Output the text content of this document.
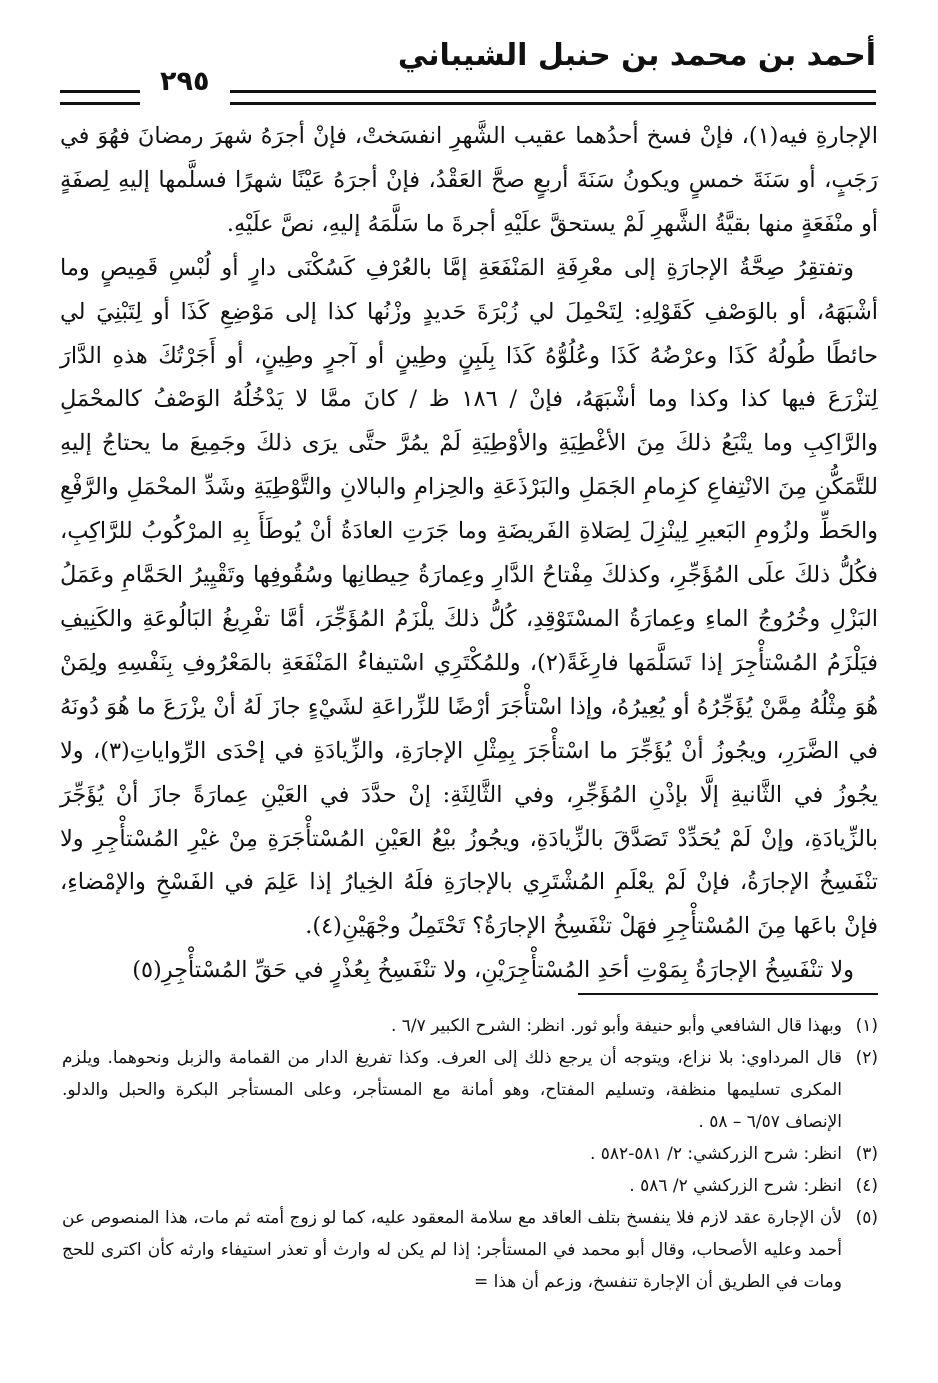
أحمد بن محمد بن حنبل الشيباني
٢٩٥

الإجارةِ فيه(١)، فإنْ فسخ أحدُهما عقيب الشَّهرِ انفسَختْ، فإنْ أجرَهُ شهرَ رمضانَ فهُوَ في رَجَبٍ، أو سَنَةَ خمسٍ ويكونُ سَنَةَ أربعٍ صحَّ العَقْدُ، فإنْ أجرَهُ عَيْنًا شهرًا فسلَّمها إليهِ لِصفَةٍ أو منْفَعَةٍ منها بقيَّةُ الشَّهرِ لَمْ يستحقَّ علَيْهِ أجرةَ ما سَلَّمَهُ إليهِ، نصَّ علَيْهِ.

وتفتقِرُ صِحَّةُ الإجارَةِ إلى معْرِفَةِ المَنْفَعَةِ إمَّا بالعُرْفِ كَسُكْنَى دارٍ أو لُبْسِ قَمِيصٍ وما أشْبَهَهُ، أو بالوَصْفِ كَقَوْلِهِ: لِتَحْمِلَ لي زُبْرَةَ حَديدٍ وزْنُها كذا إلى مَوْضِعِ كَذَا أو لِتَبْنِيَ لي حائطًا طُولُهُ كَذَا وعرْضُهُ كَذَا وعُلُوُّهُ كَذَا بِلَبِنٍ وطِينٍ أو آجرٍ وطِينٍ، أو أَجَرْتُكَ هذهِ الدَّارَ لِتزْرَعَ فيها كذا وكذا وما أشْبَهَهُ، فإنْ / ١٨٦ ظ / كانَ ممَّا لا يَدْخُلُهُ الوَصْفُ كالمحْمَلِ والرَّاكِبِ وما يتْبَعُ ذلكَ مِنَ الأغْطِيَةِ والأوْطِيَةِ لَمْ يمُرَّ حتَّى يرَى ذلكَ وجَمِيعَ ما يحتاجُ إليهِ للتَّمَكُّنِ مِنَ الانْتِفاعِ كزِمامِ الجَمَلِ والبَرْذَعَةِ والحِزامِ والبالانِ والتَّوْطِيَةِ وشَدِّ المحْمَلِ والرَّفْعِ والحَطِّ ولزُومِ البَعيرِ لِينْزِلَ لِصَلاةِ الفَريضَةِ وما جَرَتِ العادَةُ أنْ يُوطَأَ بِهِ المرْكُوبُ للرَّاكِبِ، فكُلُّ ذلكَ علَى المُؤَجِّرِ، وكذلكَ مِفْتاحُ الدَّارِ وعِمارَةُ حِيطانِها وسُقُوفِها وتَقْيِيرُ الحَمَّامِ وعَمَلُ البَزْلِ وخُرُوجُ الماءِ وعِمارَةُ المسْتَوْقِدِ، كُلُّ ذلكَ يلْزَمُ المُؤَجِّرَ، أمَّا تفْرِيغُ البَالُوعَةِ والكَنِيفِ فيَلْزَمُ المُسْتأْجِرَ إذا تَسَلَّمَها فارِغَةً(٢)، وللمُكْتَرِي اسْتيفاءُ المَنْفَعَةِ بالمَعْرُوفِ بِنَفْسِهِ ولِمَنْ هُوَ مِثْلُهُ مِمَّنْ يُؤَجِّرُهُ أو يُعِيرُهُ، وإذا اسْتأْجَرَ أرْضًا للزِّراعَةِ لشَيْءٍ جازَ لَهُ أنْ يزْرَعَ ما هُوَ دُونَهُ في الضَّرَرِ، ويجُوزُ أنْ يُؤَجِّرَ ما اسْتأْجَرَ بِمِثْلِ الإجارَةِ، والزِّيادَةِ في إحْدَى الرِّواياتِ(٣)، ولا يجُوزُ في الثَّانيةِ إلَّا بإذْنِ المُؤَجِّرِ، وفي الثَّالِثَةِ: إنْ حدَّدَ في العَيْنِ عِمارَةً جازَ أنْ يُؤَجِّرَ بالزِّيادَةِ، وإنْ لَمْ يُحَدِّدْ تَصَدَّقَ بالزِّيادَةِ، ويجُوزُ بيْعُ العَيْنِ المُسْتأْجَرَةِ مِنْ غيْرِ المُسْتأْجِرِ ولا تنْفَسِخُ الإجارَةُ، فإنْ لَمْ يعْلَمِ المُشْتَرِي بالإجارَةِ فلَهُ الخِيارُ إذا عَلِمَ في الفَسْخِ والإمْضاءِ، فإنْ باعَها مِنَ المُسْتأْجِرِ فهَلْ تنْفَسِخُ الإجارَةُ؟ تَحْتَمِلُ وجْهَيْنِ(٤).

ولا تنْفَسِخُ الإجارَةُ بِمَوْتِ أحَدِ المُسْتأْجِرَيْنِ، ولا تنْفَسِخُ بِعُذْرٍ في حَقِّ المُسْتأْجِرِ(٥)

(١)
وبهذا قال الشافعي وأبو حنيفة وأبو ثور. انظر: الشرح الكبير ٦/٧ .

(٢)
قال المرداوي: بلا نزاع، ويتوجه أن يرجع ذلك إلى العرف. وكذا تفريغ الدار من القمامة والزبل ونحوهما. ويلزم المكرى تسليمها منظفة، وتسليم المفتاح، وهو أمانة مع المستأجر، وعلى المستأجر البكرة والحبل والدلو. الإنصاف ٦/٥٧ – ٥٨ .

(٣)
انظر: شرح الزركشي: ٢/ ٥٨١-٥٨٢ .

(٤)
انظر: شرح الزركشي ٢/ ٥٨٦ .

(٥)
لأن الإجارة عقد لازم فلا ينفسخ بتلف العاقد مع سلامة المعقود عليه، كما لو زوج أمته ثم مات، هذا المنصوص عن أحمد وعليه الأصحاب، وقال أبو محمد في المستأجر: إذا لم يكن له وارث أو تعذر استيفاء وارثه كأن اكترى للحج ومات في الطريق أن الإجارة تنفسخ، وزعم أن هذا =
